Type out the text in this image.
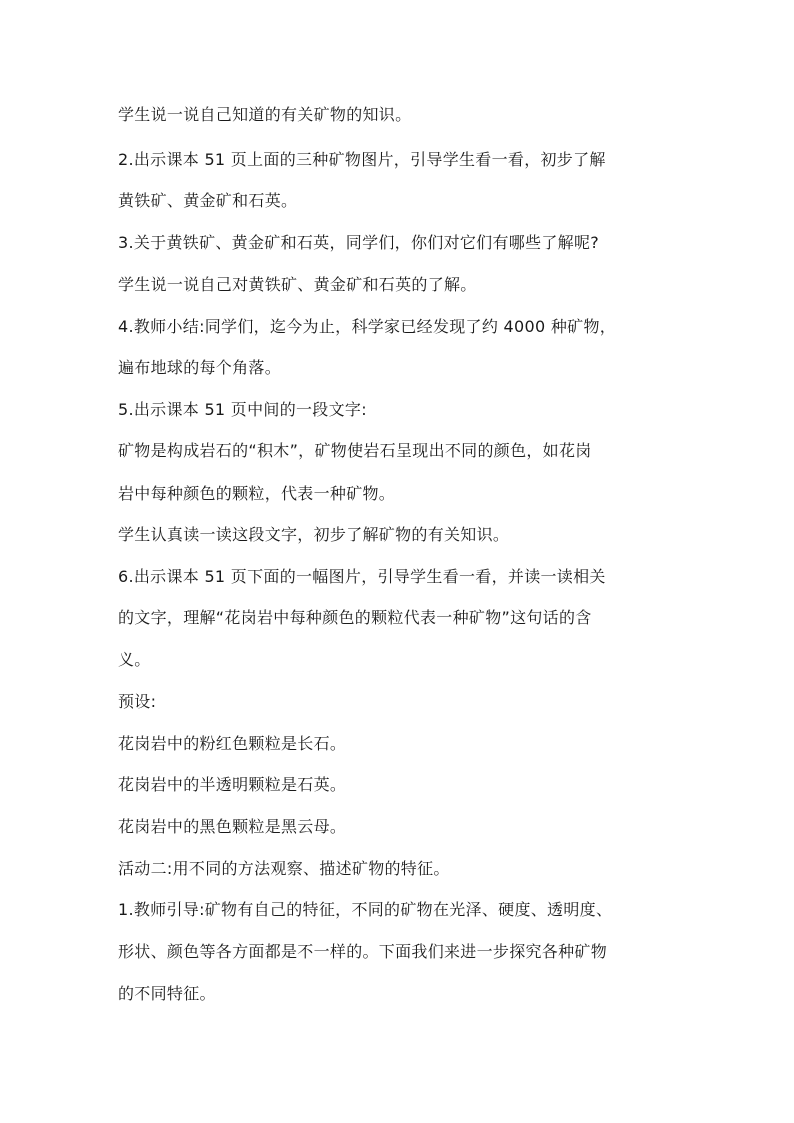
学生说一说自己知道的有关矿物的知识。

2.出示课本 51 页上面的三种矿物图片，引导学生看一看，初步了解

黄铁矿、黄金矿和石英。

3.关于黄铁矿、黄金矿和石英，同学们，你们对它们有哪些了解呢?

学生说一说自己对黄铁矿、黄金矿和石英的了解。

4.教师小结:同学们，迄今为止，科学家已经发现了约 4000 种矿物，

遍布地球的每个角落。

5.出示课本 51 页中间的一段文字:

矿物是构成岩石的“积木”，矿物使岩石呈现出不同的颜色，如花岗

岩中每种颜色的颗粒，代表一种矿物。

学生认真读一读这段文字，初步了解矿物的有关知识。

6.出示课本 51 页下面的一幅图片，引导学生看一看，并读一读相关

的文字，理解“花岗岩中每种颜色的颗粒代表一种矿物”这句话的含

义。

预设:

花岗岩中的粉红色颗粒是长石。

花岗岩中的半透明颗粒是石英。

花岗岩中的黑色颗粒是黑云母。

活动二:用不同的方法观察、描述矿物的特征。

1.教师引导:矿物有自己的特征，不同的矿物在光泽、硬度、透明度、

形状、颜色等各方面都是不一样的。下面我们来进一步探究各种矿物

的不同特征。
